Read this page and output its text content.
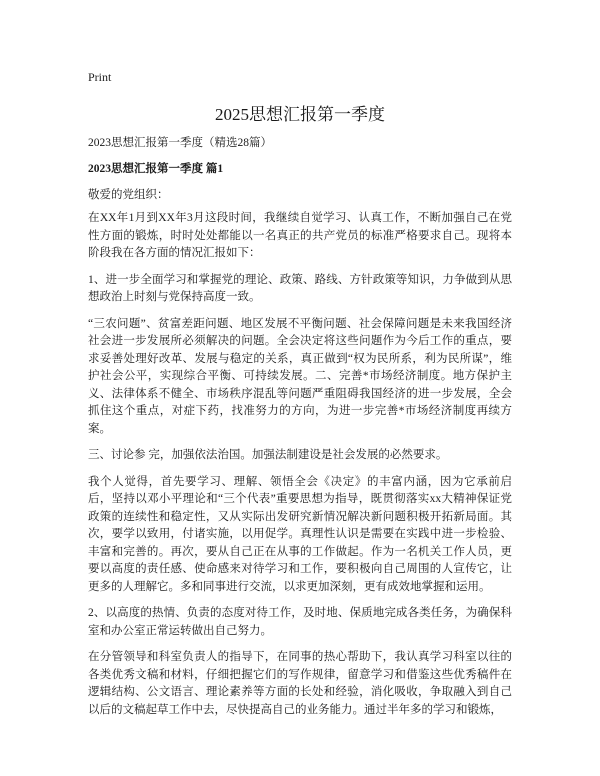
Print
2025思想汇报第一季度
2023思想汇报第一季度（精选28篇）
2023思想汇报第一季度 篇1
敬爱的党组织：

在XX年1月到XX年3月这段时间，我继续自觉学习、认真工作，不断加强自己在党性方面的锻炼，时时处处都能以一名真正的共产党员的标准严格要求自己。现将本阶段我在各方面的情况汇报如下：

1、进一步全面学习和掌握党的理论、政策、路线、方针政策等知识，力争做到从思想政治上时刻与党保持高度一致。

“三农问题”、贫富差距问题、地区发展不平衡问题、社会保障问题是未来我国经济社会进一步发展所必须解决的问题。全会决定将这些问题作为今后工作的重点，要求妥善处理好改革、发展与稳定的关系，真正做到“权为民所系，利为民所谋”，维护社会公平，实现综合平衡、可持续发展。二、完善*市场经济制度。地方保护主义、法律体系不健全、市场秩序混乱等问题严重阻碍我国经济的进一步发展，全会抓住这个重点，对症下药，找准努力的方向，为进一步完善*市场经济制度再续方案。

三、讨论参 完，加强依法治国。加强法制建设是社会发展的必然要求。

我个人觉得，首先要学习、理解、领悟全会《决定》的丰富内涵，因为它承前启后，坚持以邓小平理论和“三个代表”重要思想为指导，既贯彻落实xx大精神保证党政策的连续性和稳定性，又从实际出发研究新情况解决新问题积极开拓新局面。其次，要学以致用，付诸实施，以用促学。真理性认识是需要在实践中进一步检验、丰富和完善的。再次，要从自己正在从事的工作做起。作为一名机关工作人员，更要以高度的责任感、使命感来对待学习和工作，要积极向自己周围的人宣传它，让更多的人理解它。多和同事进行交流，以求更加深刻，更有成效地掌握和运用。

2、以高度的热情、负责的态度对待工作，及时地、保质地完成各类任务，为确保科室和办公室正常运转做出自己努力。

在分管领导和科室负责人的指导下，在同事的热心帮助下，我认真学习科室以往的各类优秀文稿和材料，仔细把握它们的写作规律，留意学习和借鉴这些优秀稿件在逻辑结构、公文语言、理论素养等方面的长处和经验，消化吸收，争取融入到自己以后的文稿起草工作中去，尽快提高自己的业务能力。通过半年多的学习和锻炼，
